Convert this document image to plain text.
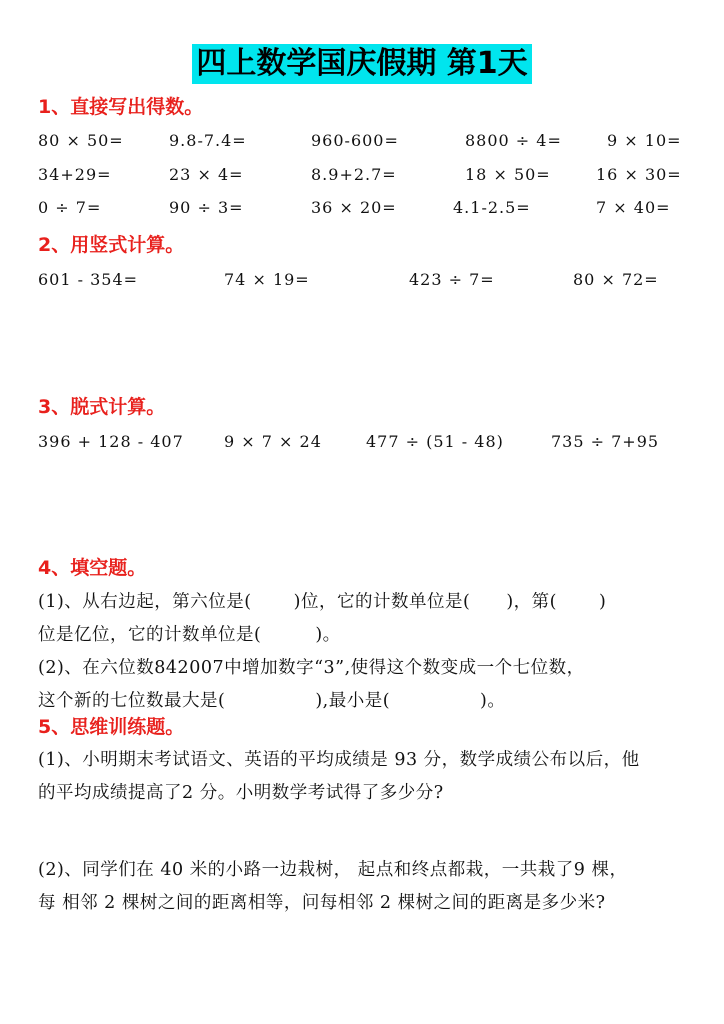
四上数学国庆假期 第1天
1、直接写出得数。
80 × 50=	9.8-7.4=	960-600=	8800 ÷ 4=	9 × 10=
34+29=	23 × 4=	8.9+2.7=	18 × 50=	16 × 30=
0 ÷ 7=	90 ÷ 3=	36 × 20=	4.1-2.5=	7 × 40=
2、用竖式计算。
601 - 354=	74 × 19=	423 ÷ 7=	80 × 72=
3、脱式计算。
396 + 128 - 407	9 × 7 × 24	477 ÷ (51 - 48)	735 ÷ 7+95
4、填空题。
(1)、从右边起，第六位是(　　 )位，它的计数单位是(　　)，第(　　 )
位是亿位，它的计数单位是(　　　)。
(2)、在六位数842007中增加数字“3”,使得这个数变成一个七位数，
这个新的七位数最大是(　　　　　),最小是(　　　　　)。
5、思维训练题。
(1)、小明期末考试语文、英语的平均成绩是 93 分，数学成绩公布以后，他
的平均成绩提高了2 分。小明数学考试得了多少分?
(2)、同学们在 40 米的小路一边栽树， 起点和终点都栽，一共栽了9 棵，
每 相邻 2 棵树之间的距离相等，问每相邻 2 棵树之间的距离是多少米?
